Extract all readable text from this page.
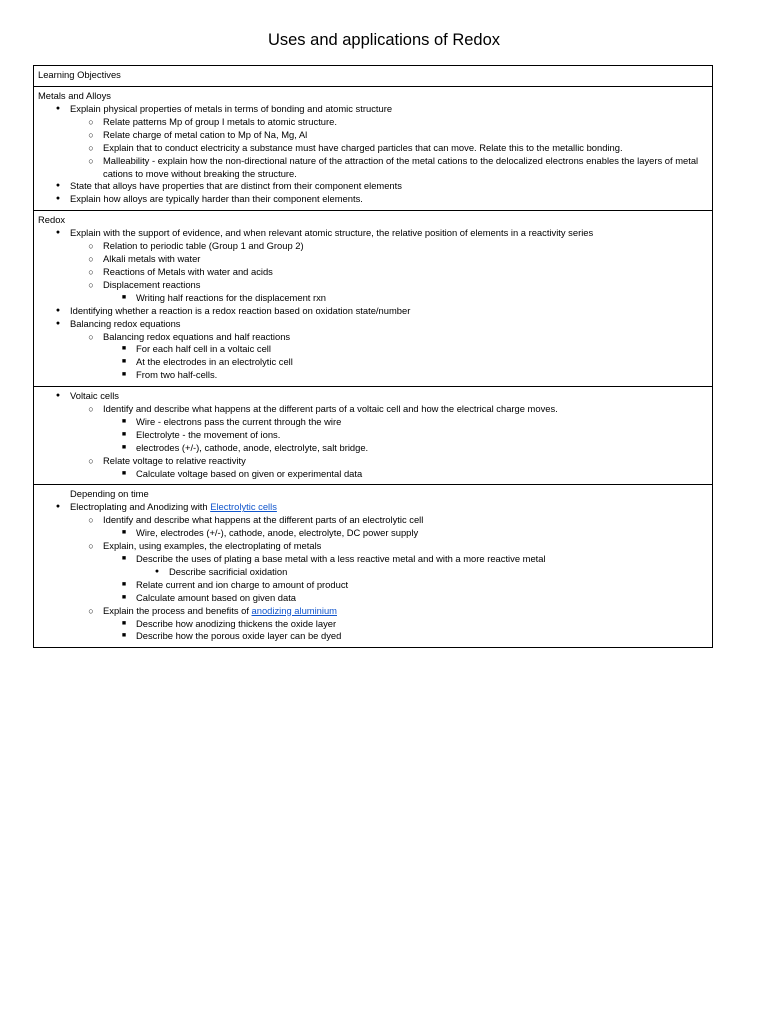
Uses and applications of Redox
Learning Objectives
Metals and Alloys
●	Explain physical properties of metals in terms of bonding and atomic structure
○ Relate patterns Mp of group I metals to atomic structure.
○ Relate charge of metal cation to Mp of Na, Mg, Al
○ Explain that to conduct electricity a substance must have charged particles that can move. Relate this to the metallic bonding.
○ Malleability - explain how the non-directional nature of the attraction of the metal cations to the delocalized electrons enables the layers of metal cations to move without breaking the structure.
●	State that alloys have properties that are distinct from their component elements
●	Explain how alloys are typically harder than their component elements.
Redox
●	Explain with the support of evidence, and when relevant atomic structure, the relative position of elements in a reactivity series
○ Relation to periodic table (Group 1 and Group 2)
○ Alkali metals with water
○ Reactions of Metals with water and acids
○ Displacement reactions
■	Writing half reactions for the displacement rxn
●	Identifying whether a reaction is a redox reaction based on oxidation state/number
●	Balancing redox equations
○ Balancing redox equations and half reactions
■	For each half cell in a voltaic cell
■	At the electrodes in an electrolytic cell
■	From two half-cells.
●	Voltaic cells
○ Identify and describe what happens at the different parts of a voltaic cell and how the electrical charge moves.
■	Wire - electrons pass the current through the wire
■	Electrolyte - the movement of ions.
■	electrodes (+/-), cathode, anode, electrolyte, salt bridge.
○ Relate voltage to relative reactivity
■	Calculate voltage based on given or experimental data
Depending on time
●	Electroplating and Anodizing with Electrolytic cells
○ Identify and describe what happens at the different parts of an electrolytic cell
■	Wire, electrodes (+/-), cathode, anode, electrolyte, DC power supply
○ Explain, using examples, the electroplating of metals
■	Describe the uses of plating a base metal with a less reactive metal and with a more reactive metal
●	Describe sacrificial oxidation
■	Relate current and ion charge to amount of product
■	Calculate amount based on given data
○ Explain the process and benefits of anodizing aluminium
■	Describe how anodizing thickens the oxide layer
■	Describe how the porous oxide layer can be dyed
